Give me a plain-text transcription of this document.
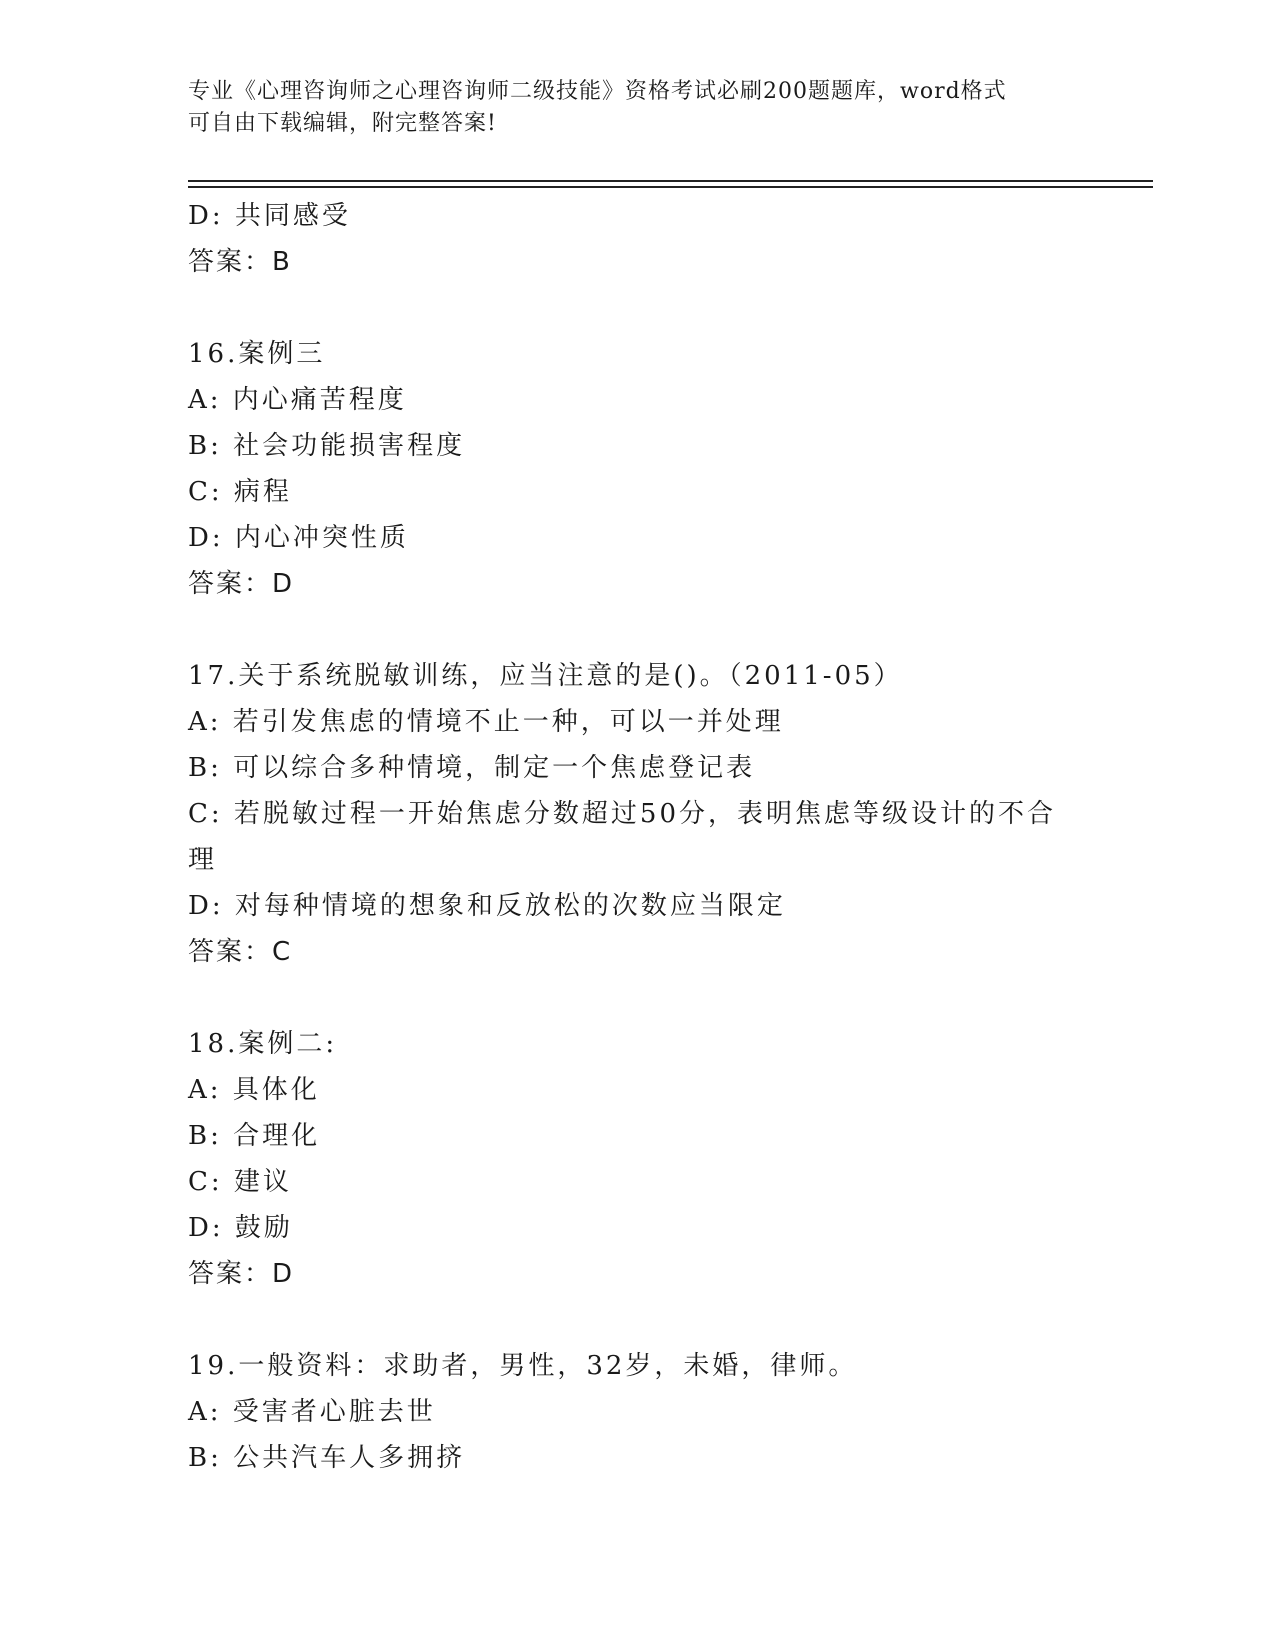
专业《心理咨询师之心理咨询师二级技能》资格考试必刷200题题库，word格式
可自由下载编辑，附完整答案!
D: 共同感受
答案：B
16.案例三
A: 内心痛苦程度
B: 社会功能损害程度
C: 病程
D: 内心冲突性质
答案：D
17.关于系统脱敏训练，应当注意的是()。（2011-05）
A: 若引发焦虑的情境不止一种，可以一并处理
B: 可以综合多种情境，制定一个焦虑登记表
C: 若脱敏过程一开始焦虑分数超过50分，表明焦虑等级设计的不合
理
D: 对每种情境的想象和反放松的次数应当限定
答案：C
18.案例二:
A: 具体化
B: 合理化
C: 建议
D: 鼓励
答案：D
19.一般资料：求助者，男性，32岁，未婚，律师。
A: 受害者心脏去世
B: 公共汽车人多拥挤
